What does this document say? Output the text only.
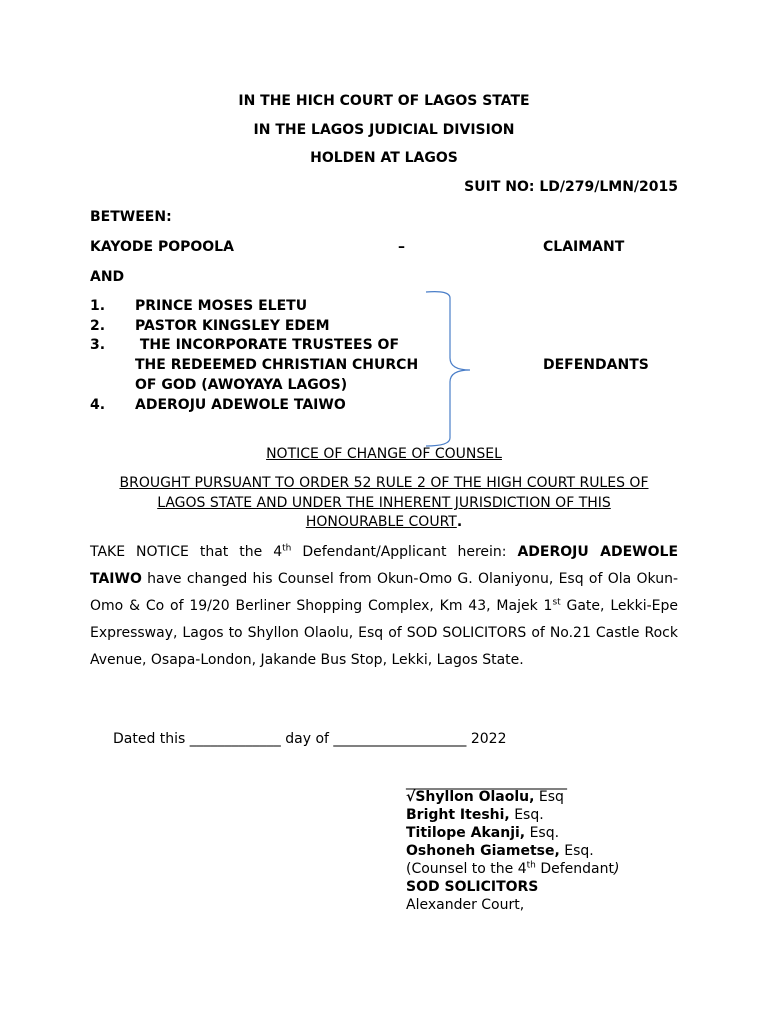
IN THE HICH COURT OF LAGOS STATE
IN THE LAGOS JUDICIAL DIVISION
HOLDEN AT LAGOS
SUIT NO: LD/279/LMN/2015
BETWEEN:
KAYODE POPOOLA	–	CLAIMANT
AND
1. PRINCE MOSES ELETU
2. PASTOR KINGSLEY EDEM
3. THE INCORPORATE TRUSTEES OF
THE REDEEMED CHRISTIAN CHURCH
OF GOD (AWOYAYA LAGOS)
4. ADEROJU ADEWOLE TAIWO
DEFENDANTS
NOTICE OF CHANGE OF COUNSEL
BROUGHT PURSUANT TO ORDER 52 RULE 2 OF THE HIGH COURT RULES OF
LAGOS STATE AND UNDER THE INHERENT JURISDICTION OF THIS
HONOURABLE COURT.
TAKE NOTICE that the 4th Defendant/Applicant herein: ADEROJU ADEWOLE TAIWO have changed his Counsel from Okun-Omo G. Olaniyonu, Esq of Ola Okun-Omo & Co of 19/20 Berliner Shopping Complex, Km 43, Majek 1st Gate, Lekki-Epe Expressway, Lagos to Shyllon Olaolu, Esq of SOD SOLICITORS of No.21 Castle Rock Avenue, Osapa-London, Jakande Bus Stop, Lekki, Lagos State.
Dated this _____________ day of ___________________ 2022
_______________________
√Shyllon Olaolu, Esq
Bright Iteshi, Esq.
Titilope Akanji, Esq.
Oshoneh Giametse, Esq.
(Counsel to the 4th Defendant)
SOD SOLICITORS
Alexander Court,
